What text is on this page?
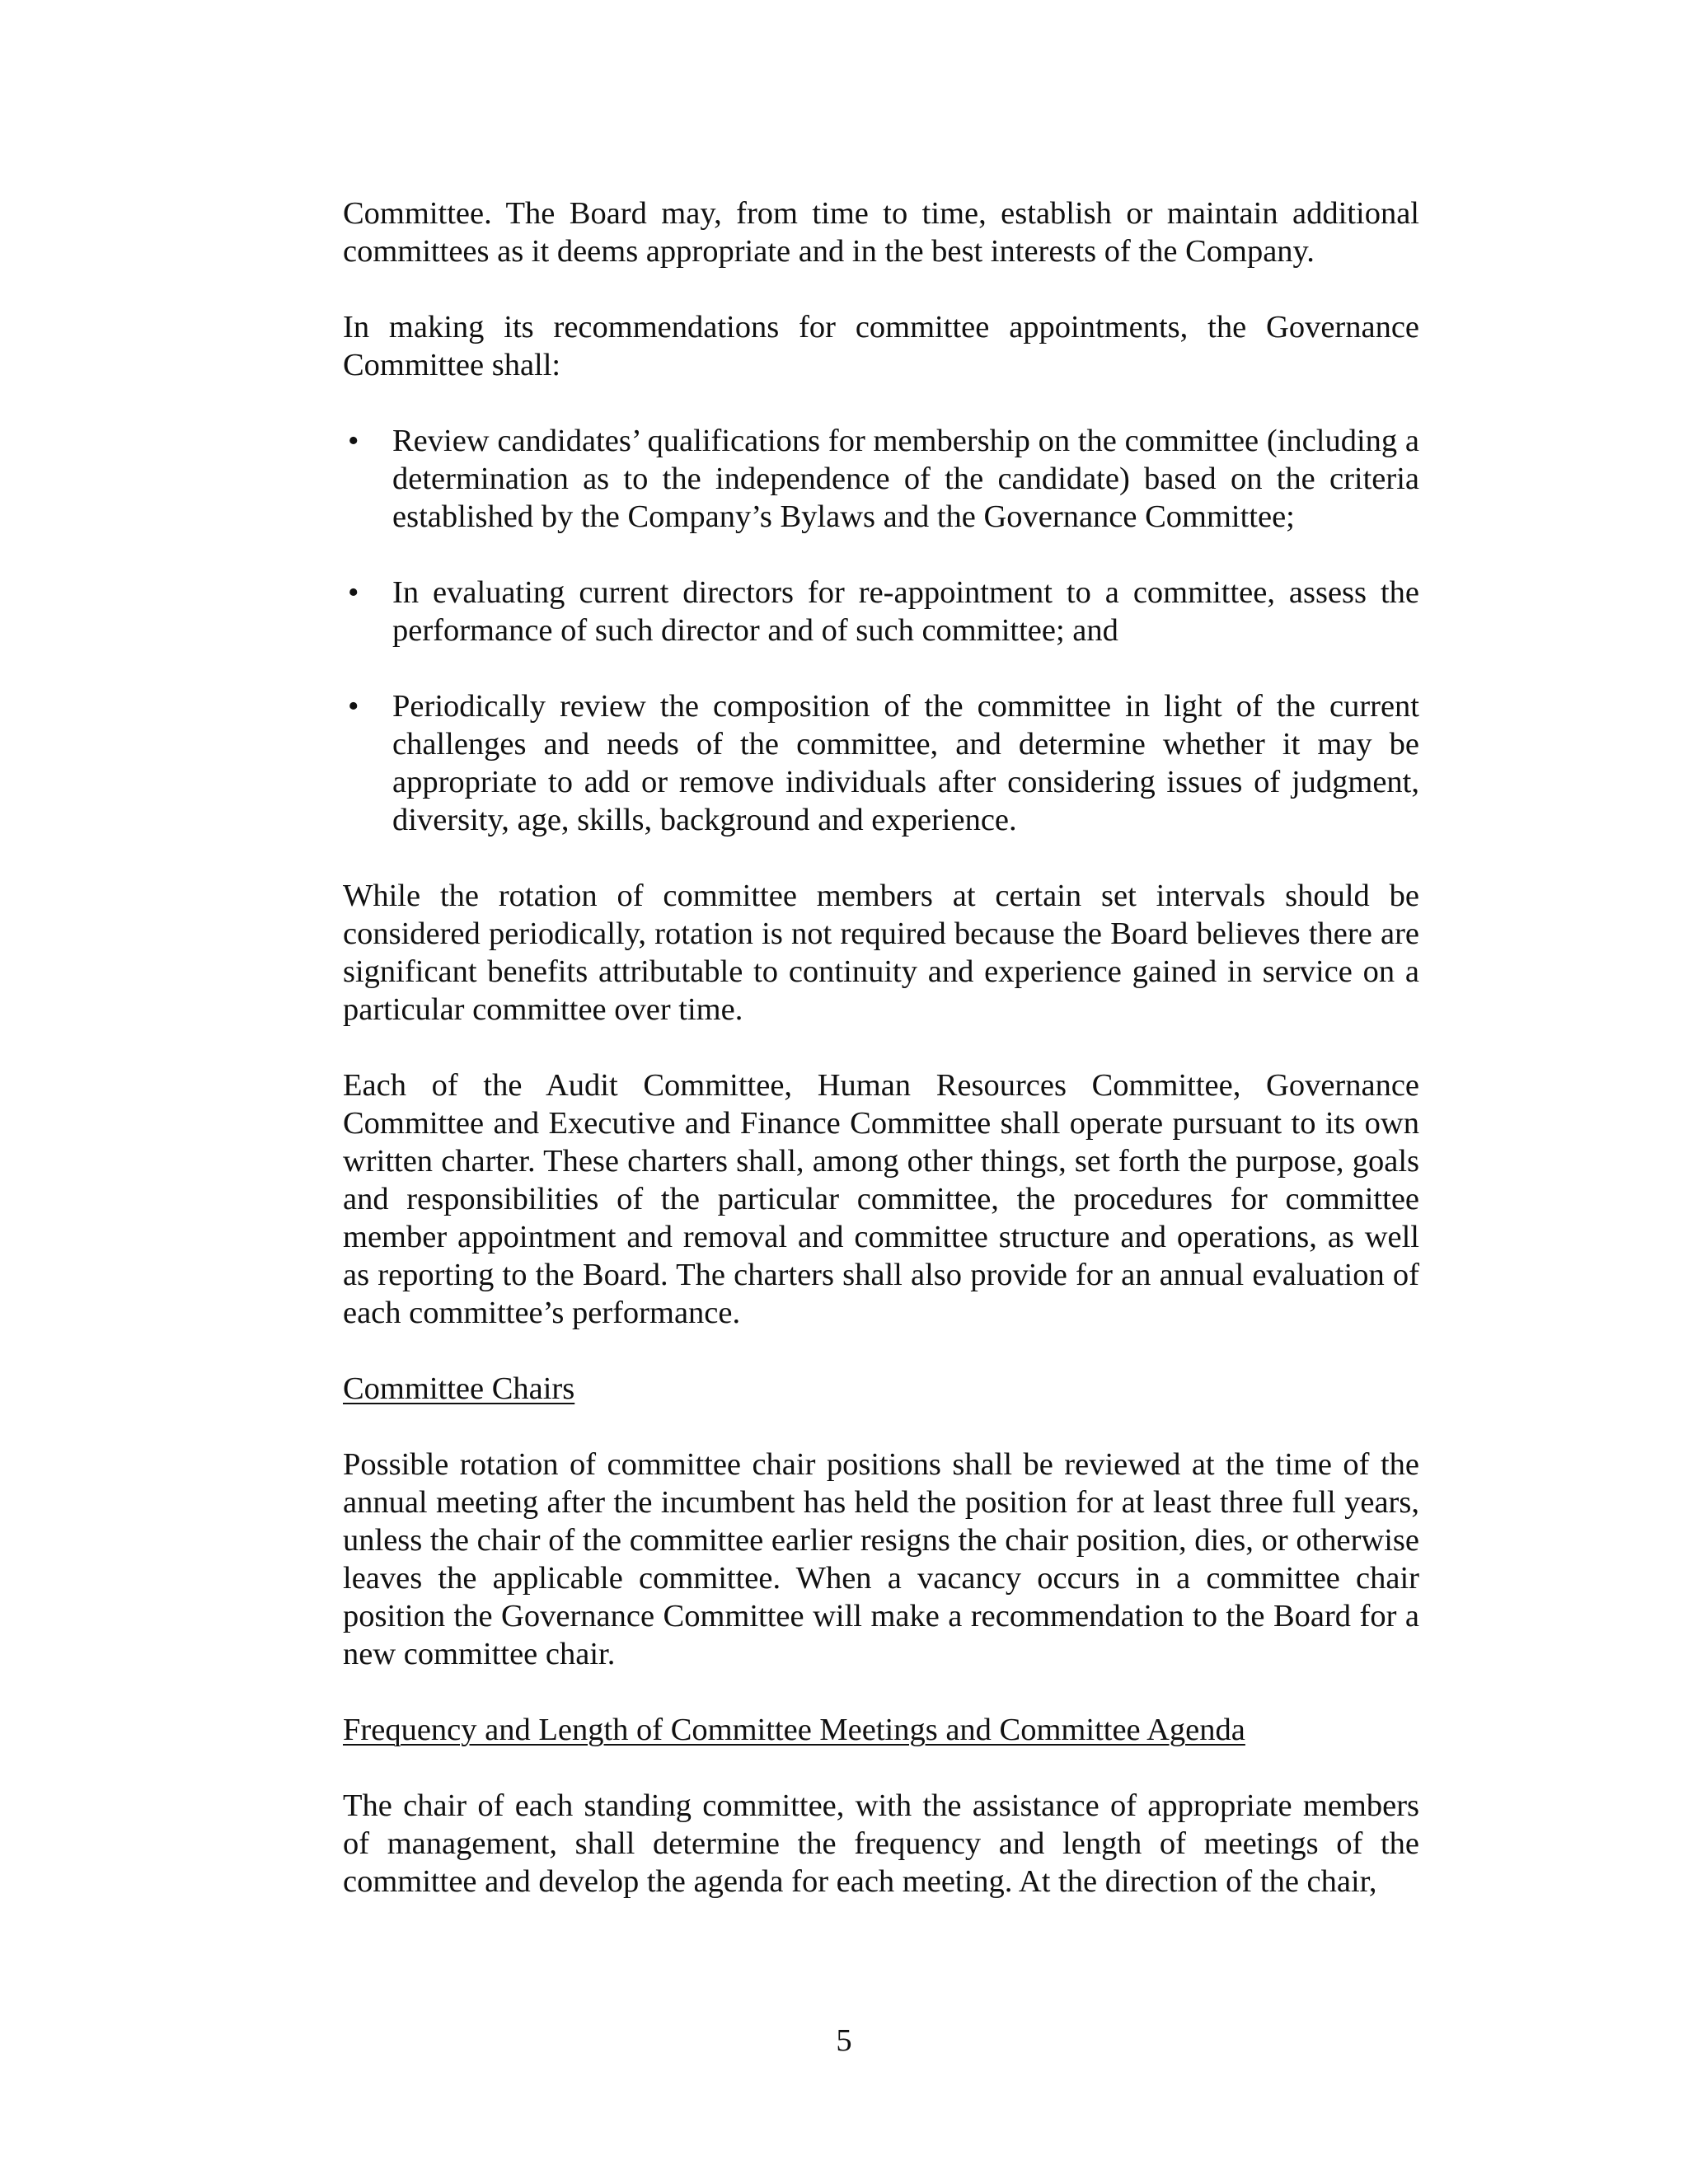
Committee. The Board may, from time to time, establish or maintain additional committees as it deems appropriate and in the best interests of the Company.

In making its recommendations for committee appointments, the Governance Committee shall:

•	Review candidates’ qualifications for membership on the committee (including a determination as to the independence of the candidate) based on the criteria established by the Company’s Bylaws and the Governance Committee;
•	In evaluating current directors for re-appointment to a committee, assess the performance of such director and of such committee; and
•	Periodically review the composition of the committee in light of the current challenges and needs of the committee, and determine whether it may be appropriate to add or remove individuals after considering issues of judgment, diversity, age, skills, background and experience.

While the rotation of committee members at certain set intervals should be considered periodically, rotation is not required because the Board believes there are significant benefits attributable to continuity and experience gained in service on a particular committee over time.

Each of the Audit Committee, Human Resources Committee, Governance Committee and Executive and Finance Committee shall operate pursuant to its own written charter. These charters shall, among other things, set forth the purpose, goals and responsibilities of the particular committee, the procedures for committee member appointment and removal and committee structure and operations, as well as reporting to the Board. The charters shall also provide for an annual evaluation of each committee’s performance.

Committee Chairs

Possible rotation of committee chair positions shall be reviewed at the time of the annual meeting after the incumbent has held the position for at least three full years, unless the chair of the committee earlier resigns the chair position, dies, or otherwise leaves the applicable committee. When a vacancy occurs in a committee chair position the Governance Committee will make a recommendation to the Board for a new committee chair.

Frequency and Length of Committee Meetings and Committee Agenda

The chair of each standing committee, with the assistance of appropriate members of management, shall determine the frequency and length of meetings of the committee and develop the agenda for each meeting. At the direction of the chair,

5
